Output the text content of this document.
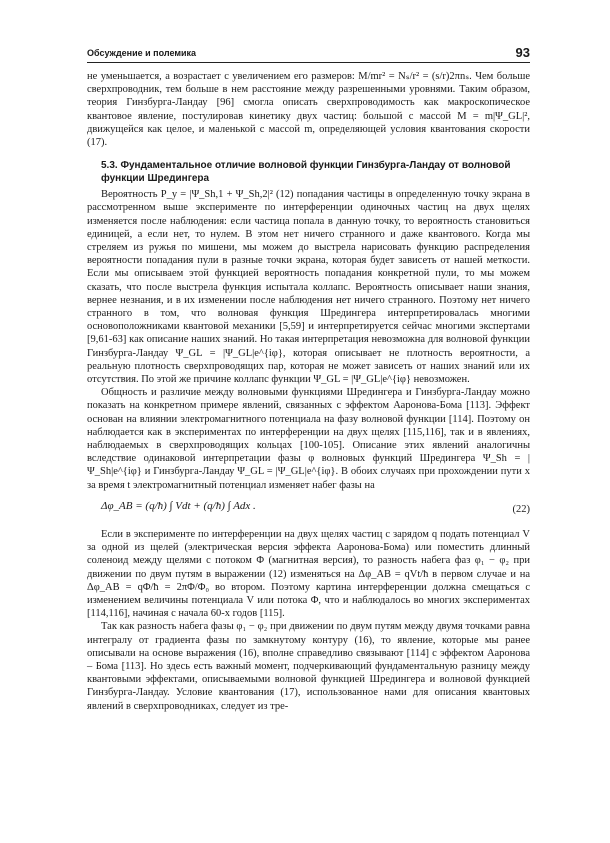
Обсуждение и полемика	93

не уменьшается, а возрастает с увеличением его размеров: M/mr² = Nₛ/r² = (s/r)2πnₛ. Чем больше сверхпроводник, тем больше в нем расстояние между разрешенными уровнями. Таким образом, теория Гинзбурга-Ландау [96] смогла описать сверхпроводимость как макроскопическое квантовое явление, постулировав кинетику двух частиц: большой с массой M = m|Ψ_GL|², движущейся как целое, и маленькой с массой m, определяющей условия квантования скорости (17).

5.3. Фундаментальное отличие волновой функции Гинзбурга-Ландау от волновой функции Шредингера

Вероятность P_y = |Ψ_Sh,1 + Ψ_Sh,2|² (12) попадания частицы в определенную точку экрана в рассмотренном выше эксперименте по интерференции одиночных частиц на двух щелях изменяется после наблюдения: если частица попала в данную точку, то вероятность становиться единицей, а если нет, то нулем. В этом нет ничего странного и даже квантового. Когда мы стреляем из ружья по мишени, мы можем до выстрела нарисовать функцию распределения вероятности попадания пули в разные точки экрана, которая будет зависеть от нашей меткости. Если мы описываем этой функцией вероятность попадания конкретной пули, то мы можем сказать, что после выстрела функция испытала коллапс. Вероятность описывает наши знания, вернее незнания, и в их изменении после наблюдения нет ничего странного. Поэтому нет ничего странного в том, что волновая функция Шредингера интерпретировалась многими основоположниками квантовой механики [5,59] и интерпретируется сейчас многими экспертами [9,61-63] как описание наших знаний. Но такая интерпретация невозможна для волновой функции Гинзбурга-Ландау Ψ_GL = |Ψ_GL|e^{iφ}, которая описывает не плотность вероятности, а реальную плотность сверхпроводящих пар, которая не может зависеть от наших знаний или их отсутствия. По этой же причине коллапс функции Ψ_GL = |Ψ_GL|e^{iφ} невозможен.

Общность и различие между волновыми функциями Шредингера и Гинзбурга-Ландау можно показать на конкретном примере явлений, связанных с эффектом Ааронова-Бома [113]. Эффект основан на влиянии электромагнитного потенциала на фазу волновой функции [114]. Поэтому он наблюдается как в экспериментах по интерференции на двух щелях [115,116], так и в явлениях, наблюдаемых в сверхпроводящих кольцах [100-105]. Описание этих явлений аналогичны вследствие одинаковой интерпретации фазы φ волновых функций Шредингера Ψ_Sh = |Ψ_Sh|e^{iφ} и Гинзбурга-Ландау Ψ_GL = |Ψ_GL|e^{iφ}. В обоих случаях при прохождении пути x за время t электромагнитный потенциал изменяет набег фазы на

Δφ_AB = (q/ħ) ∫ Vdt + (q/ħ) ∫ Adx .	(22)

Если в эксперименте по интерференции на двух щелях частиц с зарядом q подать потенциал V за одной из щелей (электрическая версия эффекта Ааронова-Бома) или поместить длинный соленоид между щелями с потоком Φ (магнитная версия), то разность набега фаз φ₁ − φ₂ при движении по двум путям в выражении (12) изменяться на Δφ_AB = qVt/ħ в первом случае и на Δφ_AB = qΦ/ħ = 2πΦ/Φ₀ во втором. Поэтому картина интерференции должна смещаться с изменением величины потенциала V или потока Φ, что и наблюдалось во многих экспериментах [114,116], начиная с начала 60-х годов [115].

Так как разность набега фазы φ₁ − φ₂ при движении по двум путям между двумя точками равна интегралу от градиента фазы по замкнутому контуру (16), то явление, которые мы ранее описывали на основе выражения (16), вполне справедливо связывают [114] с эффектом Ааронова – Бома [113]. Но здесь есть важный момент, подчеркивающий фундаментальную разницу между квантовыми эффектами, описываемыми волновой функцией Шредингера и волновой функцией Гинзбурга-Ландау. Условие квантования (17), использованное нами для описания квантовых явлений в сверхпроводниках, следует из тре-
